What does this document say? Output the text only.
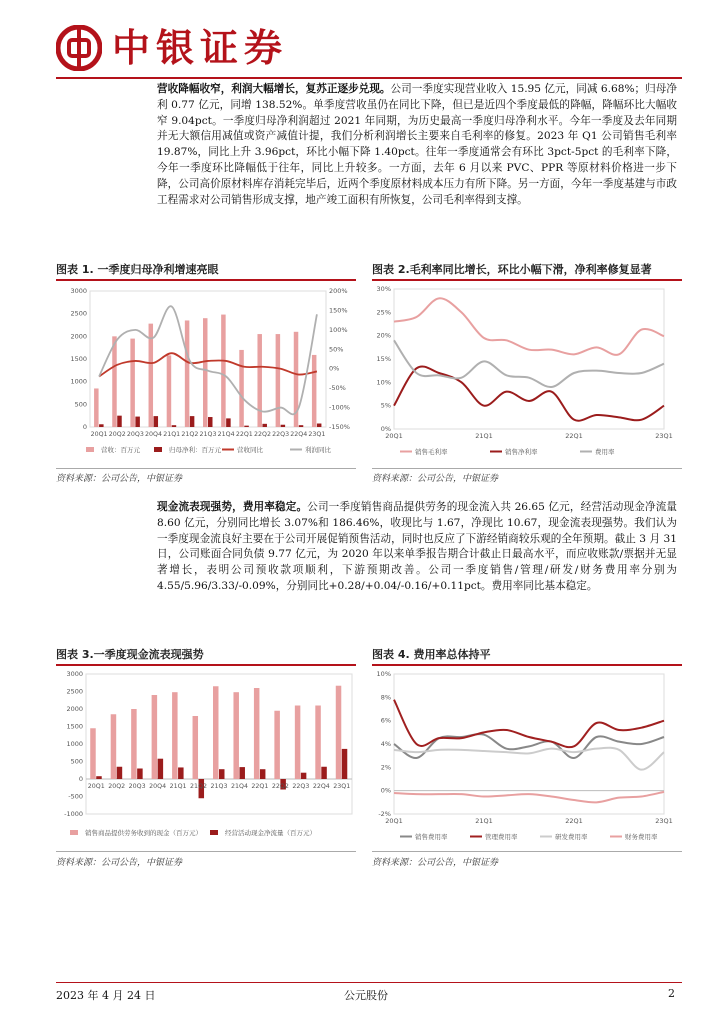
中银证券
营收降幅收窄，利润大幅增长，复苏正逐步兑现。公司一季度实现营业收入 15.95 亿元，同减 6.68%；归母净利 0.77 亿元，同增 138.52%。单季度营收虽仍在同比下降，但已是近四个季度最低的降幅，降幅环比大幅收窄 9.04pct。一季度归母净利润超过 2021 年同期，为历史最高一季度归母净利水平。今年一季度及去年同期并无大额信用减值或资产减值计提，我们分析利润增长主要来自毛利率的修复。2023 年 Q1 公司销售毛利率 19.87%，同比上升 3.96pct，环比小幅下降 1.40pct。往年一季度通常会有环比 3pct-5pct 的毛利率下降，今年一季度环比降幅低于往年，同比上升较多。一方面，去年 6 月以来 PVC、PPR 等原材料价格进一步下降，公司高价原材料库存消耗完毕后，近两个季度原材料成本压力有所下降。另一方面，今年一季度基建与市政工程需求对公司销售形成支撑，地产竣工面积有所恢复，公司毛利率得到支撑。
图表 1. 一季度归母净利增速亮眼
0
500
1000
1500
2000
2500
3000
-150%
-100%
-50%
0%
50%
100%
150%
200%
20Q1 20Q2 20Q3 20Q4 21Q1 21Q2 21Q3 21Q4 22Q1 22Q2 22Q3 22Q4 23Q1
营收：百万元	归母净利：百万元 营收同比	利润同比
资料来源：公司公告，中银证券
图表 2.毛利率同比增长，环比小幅下滑，净利率修复显著
0%
5%
10%
15%
20%
25%
30%
20Q1	21Q1	22Q1	23Q1
销售毛利率	销售净利率	费用率
资料来源：公司公告，中银证券
现金流表现强势，费用率稳定。公司一季度销售商品提供劳务的现金流入共 26.65 亿元，经营活动现金净流量 8.60 亿元，分别同比增长 3.07%和 186.46%，收现比与 1.67，净现比 10.67，现金流表现强势。我们认为一季度现金流良好主要在于公司开展促销预售活动，同时也反应了下游经销商较乐观的全年预期。截止 3 月 31 日，公司账面合同负债 9.77 亿元，为 2020 年以来单季报告期合计截止日最高水平，而应收账款/票据并无显著增长，表明公司预收款项顺利，下游预期改善。公司一季度销售/管理/研发/财务费用率分别为 4.55/5.96/3.33/-0.09%，分别同比+0.28/+0.04/-0.16/+0.11pct。费用率同比基本稳定。
图表 3.一季度现金流表现强势
-1000
-500
0
500
1000
1500
2000
2500
3000
20Q1 20Q2 20Q3 20Q4 21Q1 21Q2 21Q3 21Q4 22Q1 22Q2 22Q3 22Q4 23Q1
销售商品提供劳务收到的现金（百万元）	经营活动现金净流量（百万元）
资料来源：公司公告，中银证券
图表 4. 费用率总体持平
-2%
0%
2%
4%
6%
8%
10%
20Q1	21Q1	22Q1	23Q1
销售费用率	管理费用率	研发费用率	财务费用率
资料来源：公司公告，中银证券
2023 年 4 月 24 日	公元股份	2
